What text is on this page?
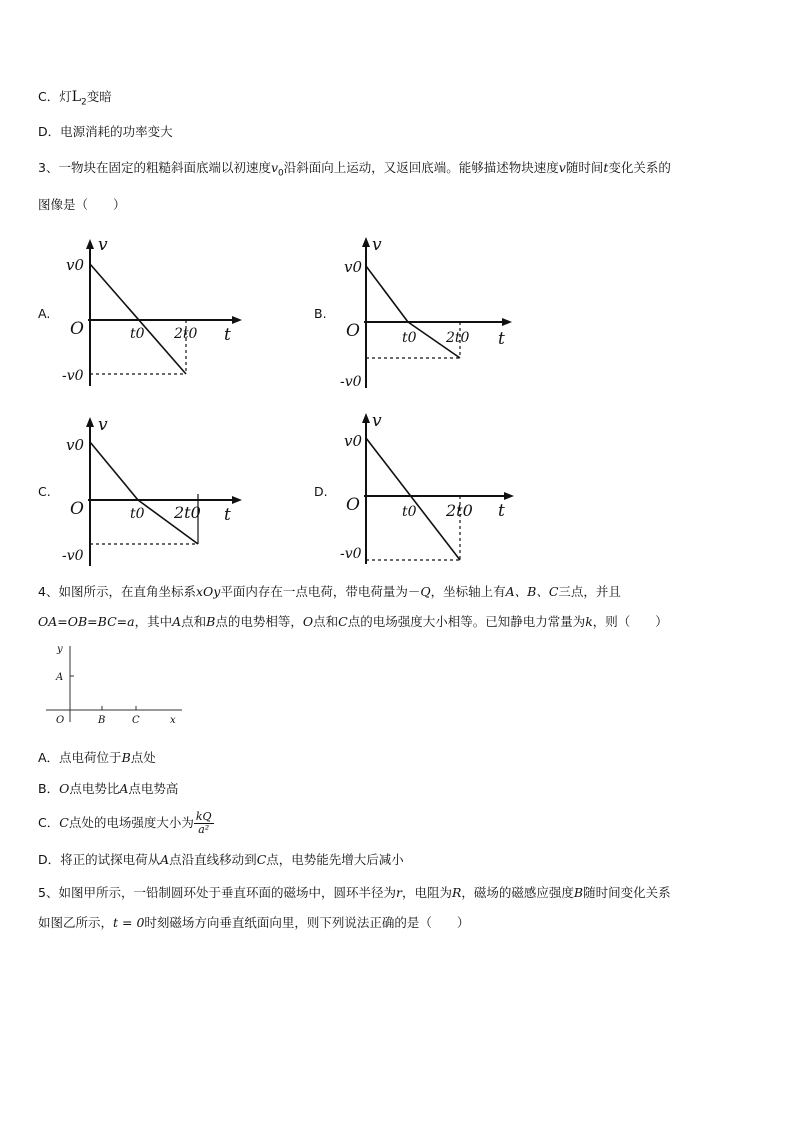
C．灯$L_2$变暗
D．电源消耗的功率变大
3、一物块在固定的粗糙斜面底端以初速度$v_0$沿斜面向上运动，又返回底端。能够描述物块速度v随时间t变化关系的
图像是（　　）
A.
v
v0
O	t0 2t0 t
-v0
B.
v
v0
O	t0 2t0 t
-v0
C.
v
v0
O	t0 2t0 t
-v0
D.
v
v0
O	t0 2t0 t
-v0
4、如图所示，在直角坐标系xOy平面内存在一点电荷，带电荷量为－Q，坐标轴上有A、B、C三点，并且
OA=OB=BC=a，其中A点和B点的电势相等，O点和C点的电场强度大小相等。已知静电力常量为k，则（　　）
y
A
O	B	C	x
A．点电荷位于B点处
B．O点电势比A点电势高
C．C点处的电场强度大小为 $\frac{kQ}{\text{a²}}$
D．将正的试探电荷从A点沿直线移动到C点，电势能先增大后减小
5、如图甲所示，一铅制圆环处于垂直环面的磁场中，圆环半径为r，电阻为R，磁场的磁感应强度B随时间变化关系
如图乙所示，t = 0时刻磁场方向垂直纸面向里，则下列说法正确的是（　　）
